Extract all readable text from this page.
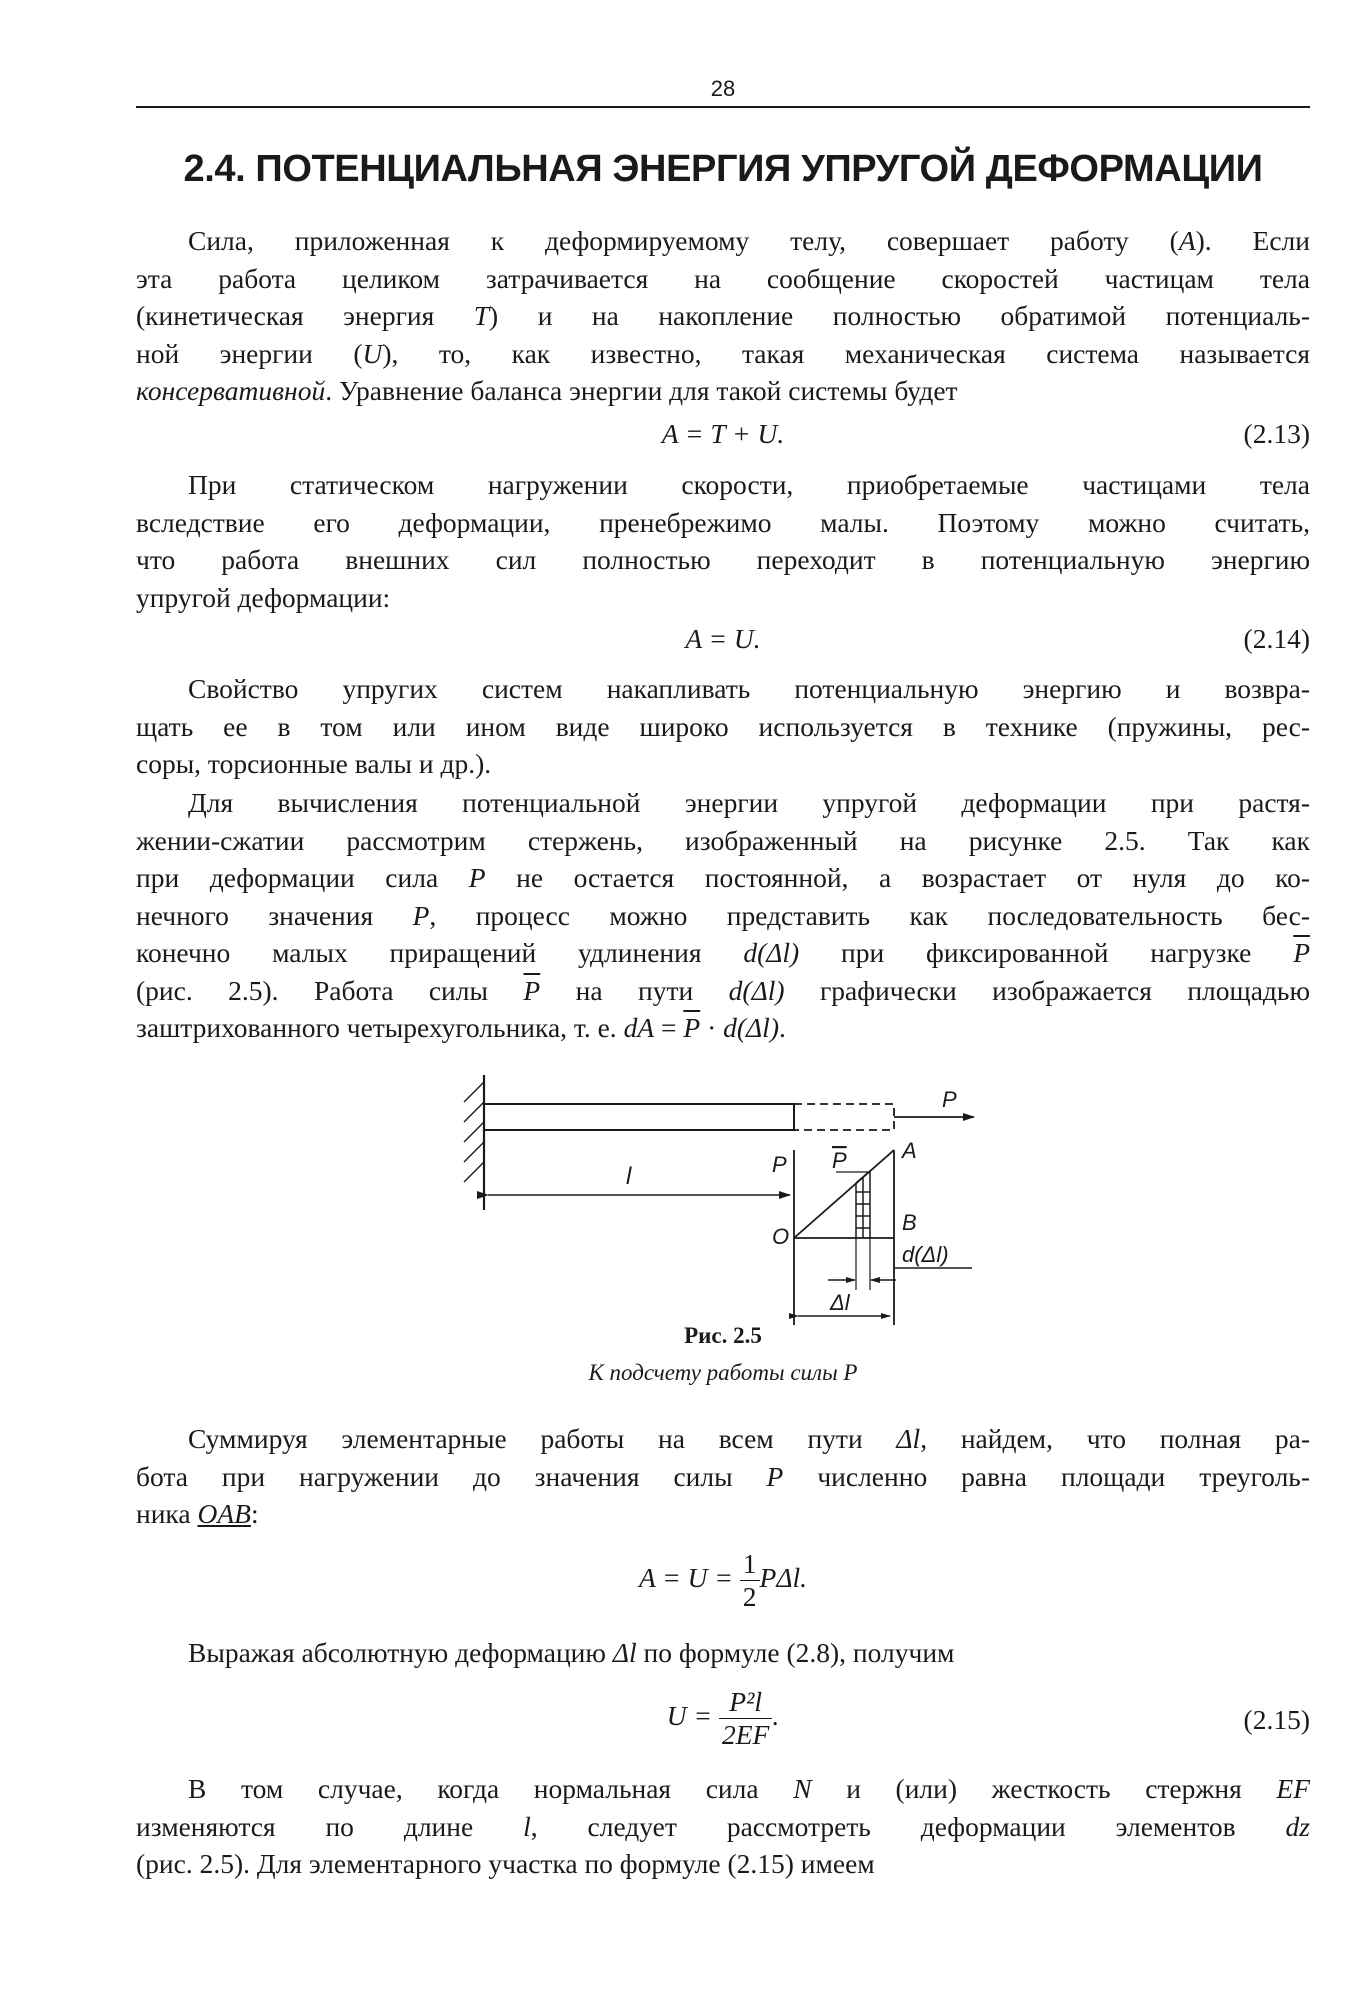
28
2.4. ПОТЕНЦИАЛЬНАЯ ЭНЕРГИЯ УПРУГОЙ ДЕФОРМАЦИИ
Сила, приложенная к деформируемому телу, совершает работу (A). Если
эта работа целиком затрачивается на сообщение скоростей частицам тела
(кинетическая энергия T) и на накопление полностью обратимой потенциаль-
ной энергии (U), то, как известно, такая механическая система называется
консервативной. Уравнение баланса энергии для такой системы будет
A = T + U.	(2.13)
При статическом нагружении скорости, приобретаемые частицами тела
вследствие его деформации, пренебрежимо малы. Поэтому можно считать,
что работа внешних сил полностью переходит в потенциальную энергию
упругой деформации:
A = U.	(2.14)
Свойство упругих систем накапливать потенциальную энергию и возвра-
щать ее в том или ином виде широко используется в технике (пружины, рес-
соры, торсионные валы и др.).
Для вычисления потенциальной энергии упругой деформации при растя-
жении-сжатии рассмотрим стержень, изображенный на рисунке 2.5. Так как
при деформации сила P не остается постоянной, а возрастает от нуля до ко-
нечного значения P, процесс можно представить как последовательность бес-
конечно малых приращений удлинения d(Δl) при фиксированной нагрузке $\overline{P}$
(рис. 2.5). Работа силы $\overline{P}$ на пути d(Δl) графически изображается площадью
заштрихованного четырехугольника, т. е. dA = $\overline{P} \cdot d(\Delta l)$.
P
l	P P	A
O
B
d(Δl)
Δl
Рис. 2.5
К подсчету работы силы P
Суммируя элементарные работы на всем пути Δl, найдем, что полная ра-
бота при нагружении до значения силы P численно равна площади треуголь-
ника OAB:
$A = U = \frac{1}{2} P\Delta l$.
Выражая абсолютную деформацию Δl по формуле (2.8), получим
$U = \frac{\text{P²l}}{2EF}$ .	(2.15)
В том случае, когда нормальная сила N и (или) жесткость стержня EF
изменяются по длине l, следует рассмотреть деформации элементов dz
(рис. 2.5). Для элементарного участка по формуле (2.15) имеем
